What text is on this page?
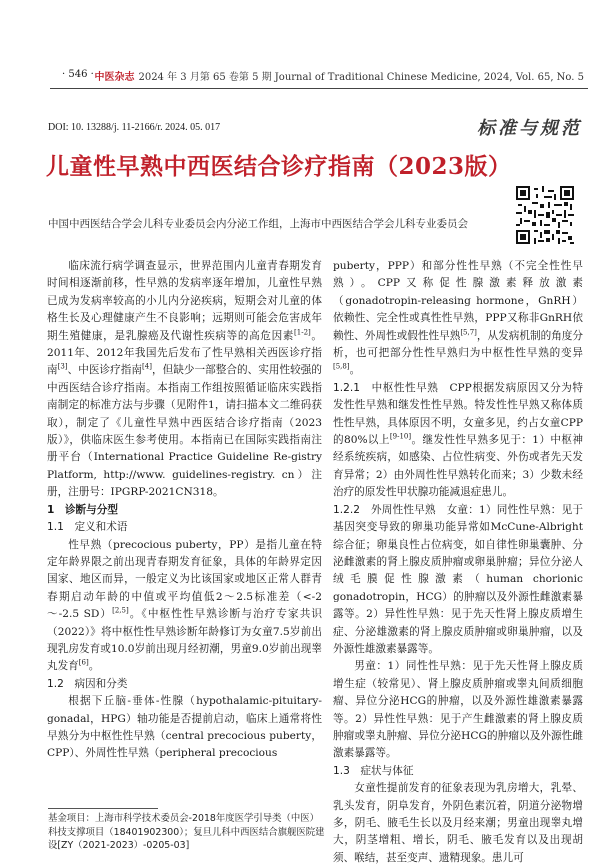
· 546 · 中医杂志 2024 年 3 月第 65 卷第 5 期 Journal of Traditional Chinese Medicine, 2024, Vol. 65, No. 5
DOI: 10. 13288/j. 11-2166/r. 2024. 05. 017	标准与规范
儿童性早熟中西医结合诊疗指南（2023版）
中国中西医结合学会儿科专业委员会内分泌工作组，上海市中西医结合学会儿科专业委员会

临床流行病学调查显示，世界范围内儿童青春期发育时间相逐渐前移，性早熟的发病率逐年增加，儿童性早熟已成为发病率较高的小儿内分泌疾病，短期会对儿童的体格生长及心理健康产生不良影响；远期则可能会危害成年期生殖健康，是乳腺癌及代谢性疾病等的高危因素[1-2]。2011年、2012年我国先后发布了性早熟相关西医诊疗指南[3]、中医诊疗指南[4]，但缺少一部整合的、实用性较强的中西医结合诊疗指南。本指南工作组按照循证临床实践指南制定的标准方法与步骤（见附件1，请扫描本文二维码获取），制定了《儿童性早熟中西医结合诊疗指南（2023版）》，供临床医生参考使用。本指南已在国际实践指南注册平台（International Practice Guideline Re-gistry Platform, http://www. guidelines-registry. cn）注册，注册号：IPGRP-2021CN318。

1　诊断与分型

1.1　定义和术语

性早熟（precocious puberty，PP）是指儿童在特定年龄界限之前出现青春期发育征象，具体的年龄界定因国家、地区而异，一般定义为比该国家或地区正常人群青春期启动年龄的中值或平均值低2～2.5标准差（<-2～-2.5 SD）[2,5]。《中枢性性早熟诊断与治疗专家共识（2022）》将中枢性性早熟诊断年龄修订为女童7.5岁前出现乳房发育或10.0岁前出现月经初潮，男童9.0岁前出现睾丸发育[6]。

1.2　病因和分类

根据下丘脑-垂体-性腺（hypothalamic-pituitary-gonadal，HPG）轴功能是否提前启动，临床上通常将性早熟分为中枢性性早熟（central precocious puberty，CPP）、外周性性早熟（peripheral precocious

puberty，PPP）和部分性性早熟（不完全性性早熟）。CPP又称促性腺激素释放激素（gonadotropin-releasing hormone，GnRH）依赖性、完全性或真性性早熟，PPP又称非GnRH依赖性、外周性或假性性早熟[5,7]，从发病机制的角度分析，也可把部分性性早熟归为中枢性性早熟的变异[5,8]。

1.2.1　中枢性性早熟　 CPP根据发病原因又分为特发性性早熟和继发性性早熟。特发性性早熟又称体质性性早熟，具体原因不明，女童多见，约占女童CPP的80%以上[9-10]。继发性性早熟多见于：1）中枢神经系统疾病，如感染、占位性病变、外伤或者先天发育异常；2）由外周性性早熟转化而来；3）少数未经治疗的原发性甲状腺功能减退症患儿。

1.2.2　外周性性早熟　 女童：1）同性性早熟：见于基因突变导致的卵巢功能异常如McCune-Albright综合征；卵巢良性占位病变，如自律性卵巢囊肿、分泌雌激素的肾上腺皮质肿瘤或卵巢肿瘤；异位分泌人绒毛膜促性腺激素（human chorionic gonadotropin，HCG）的肿瘤以及外源性雌激素暴露等。2）异性性早熟：见于先天性肾上腺皮质增生症、分泌雄激素的肾上腺皮质肿瘤或卵巢肿瘤，以及外源性雄激素暴露等。

男童：1）同性性早熟：见于先天性肾上腺皮质增生症（较常见）、肾上腺皮质肿瘤或睾丸间质细胞瘤、异位分泌HCG的肿瘤，以及外源性雄激素暴露等。2）异性性早熟：见于产生雌激素的肾上腺皮质肿瘤或睾丸肿瘤、异位分泌HCG的肿瘤以及外源性雌激素暴露等。

1.3　症状与体征

女童性提前发育的征象表现为乳房增大，乳晕、乳头发育，阴阜发育，外阴色素沉着，阴道分泌物增多，阴毛、腋毛生长以及月经来潮；男童出现睾丸增大，阴茎增粗、增长，阴毛、腋毛发育以及出现胡须、喉结，甚至变声、遗精现象。患儿可

基金项目：上海市科学技术委员会-2018年度医学引导类（中医）科技支撑项目（18401902300）；复旦儿科中西医结合旗舰医院建设[ZY（2021-2023）-0205-03]
